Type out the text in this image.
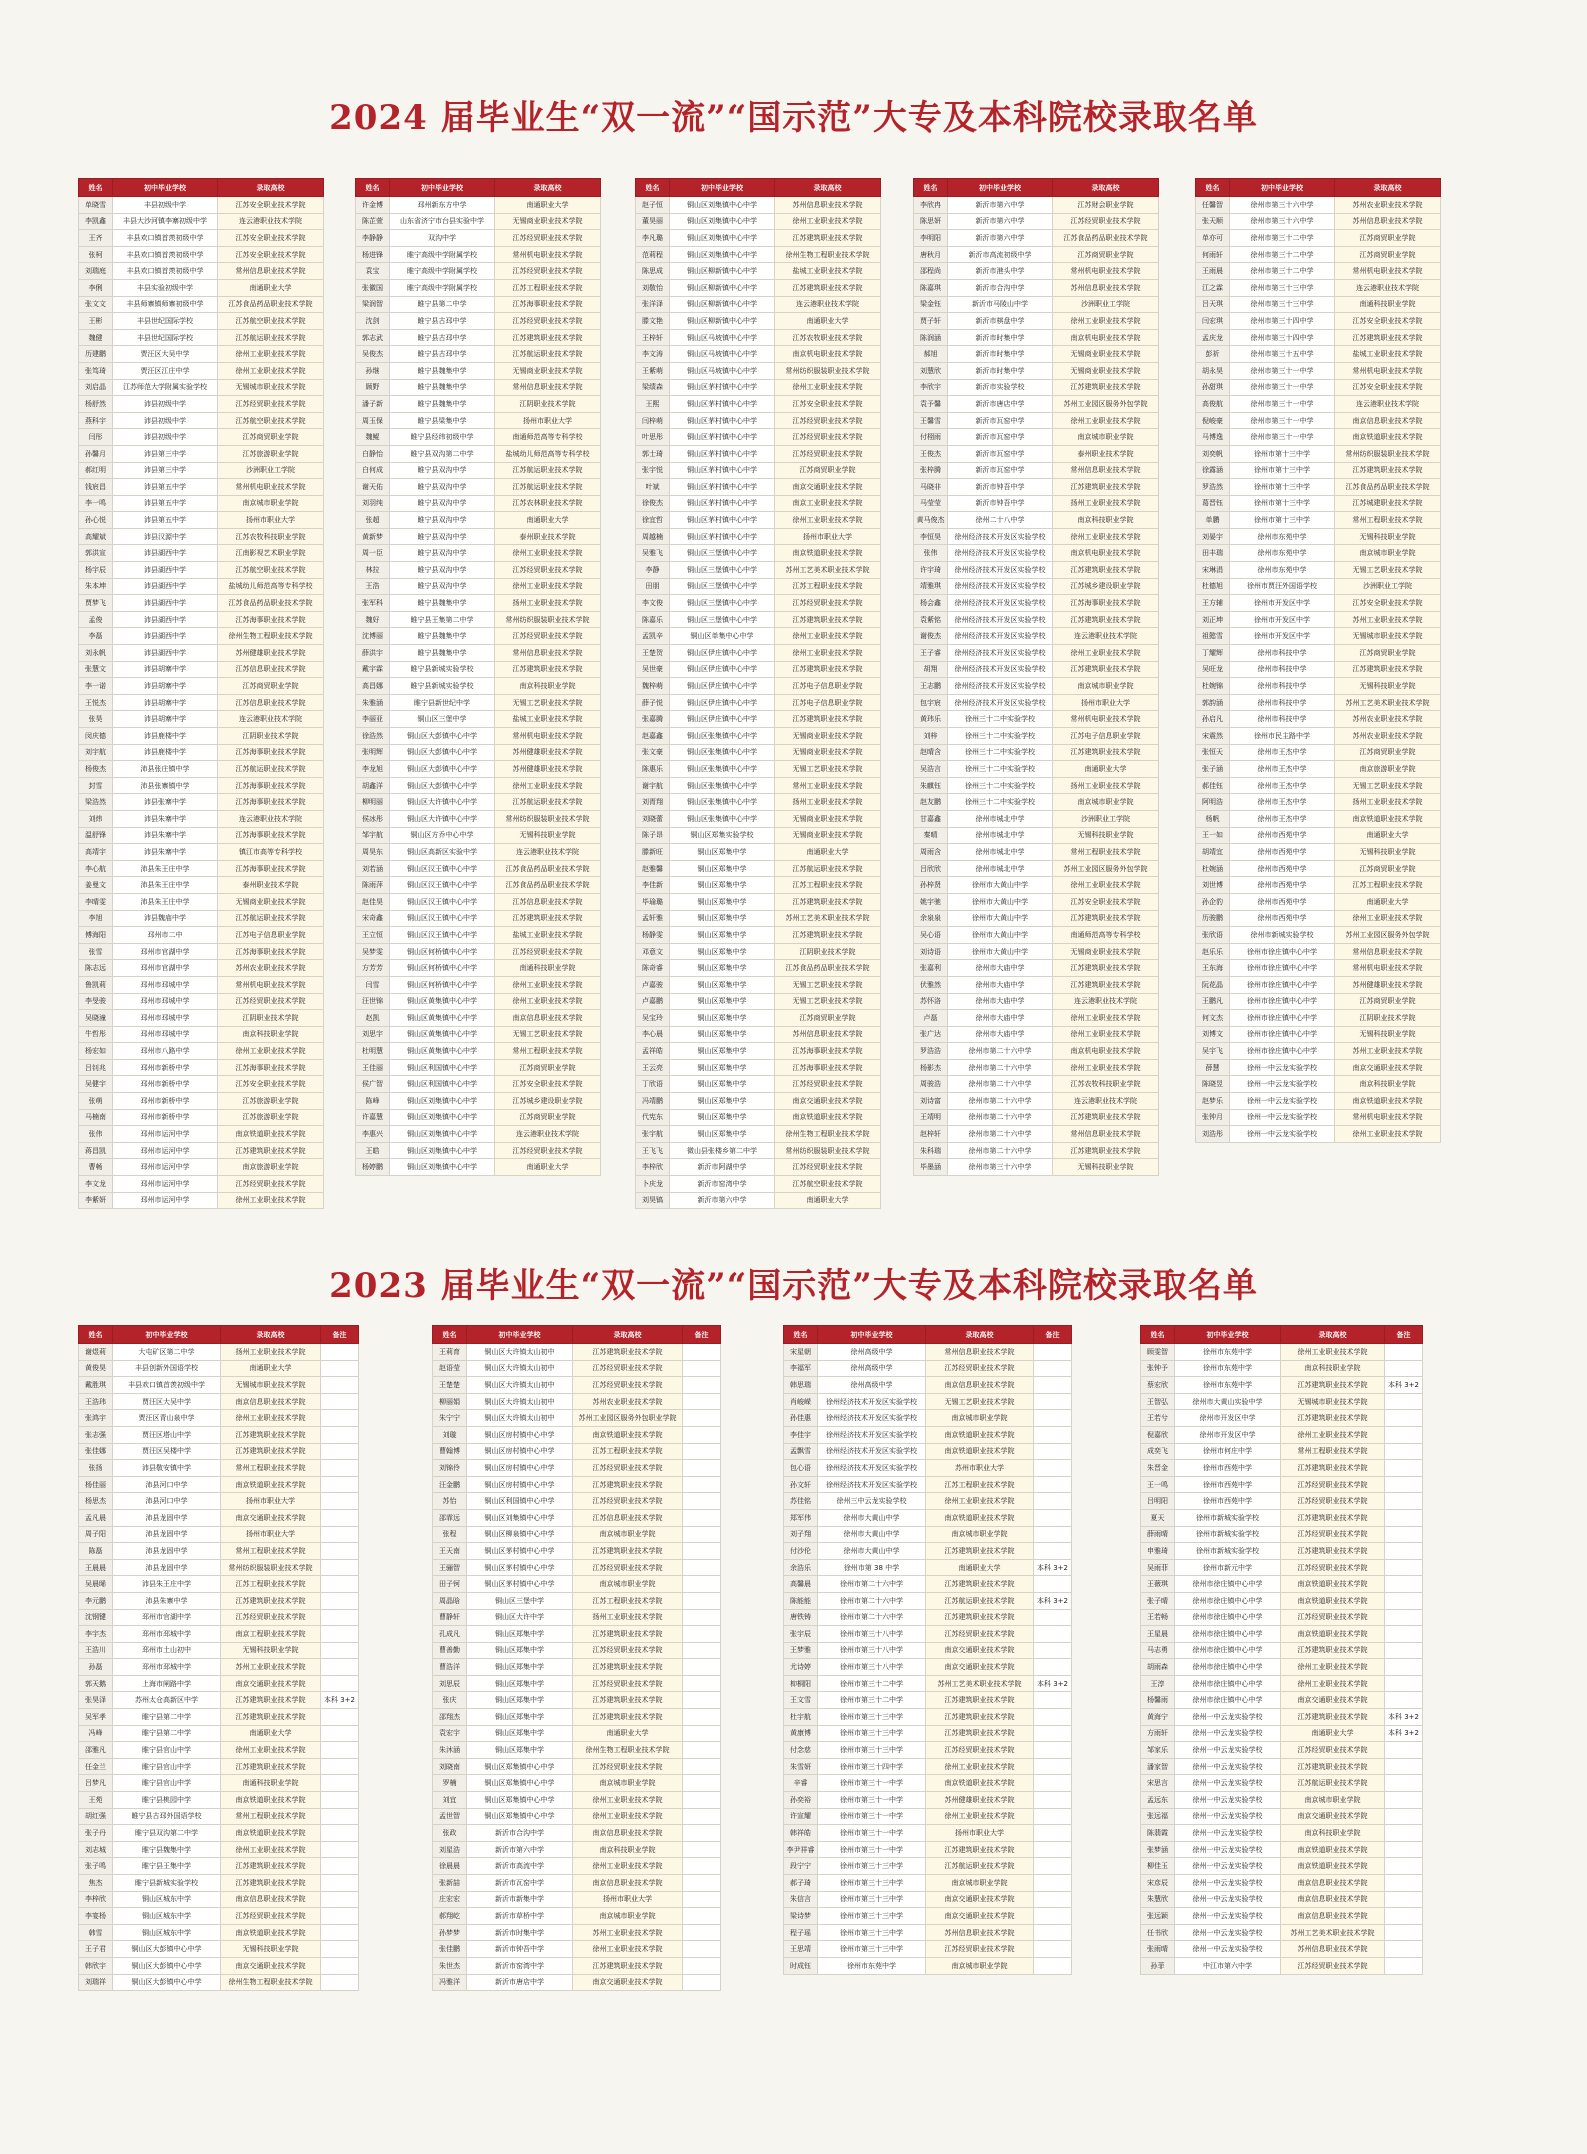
2024 届毕业生“双一流”“国示范”大专及本科院校录取名单
姓名	初中毕业学校	录取高校
单晓雪	丰县初级中学	江苏安全职业技术学院
李凯鑫	丰县大沙河镇李寨初级中学	连云港职业技术学院
王齐	丰县欢口镇首羡初级中学	江苏安全职业技术学院
张柯	丰县欢口镇首羡初级中学	江苏安全职业技术学院
刘瑞庭	丰县欢口镇首羡初级中学	常州信息职业技术学院
李俐	丰县实验初级中学	南通职业大学
张文文	丰县师寨镇师寨初级中学	江苏食品药品职业技术学院
王彬	丰县世纪国际学校	江苏航空职业技术学院
魏健	丰县世纪国际学校	江苏航运职业技术学院
历建鹏	贾汪区大吴中学	徐州工业职业技术学院
张笃琦	贾汪区江庄中学	徐州工业职业技术学院
刘启晶	江苏师范大学附属实验学校	无锡城市职业技术学院
杨舒然	沛县初级中学	江苏经贸职业技术学院
燕科宇	沛县初级中学	江苏航空职业技术学院
闫彤	沛县初级中学	江苏商贸职业学院
孙馨月	沛县第三中学	江苏旅游职业学院
郝红明	沛县第三中学	沙洲职业工学院
钱宸昌	沛县第五中学	常州机电职业技术学院
李一鸣	沛县第五中学	南京城市职业学院
孙心悦	沛县第五中学	扬州市职业大学
高耀斌	沛县汉源中学	江苏农牧科技职业学院
郭洪宣	沛县湖西中学	江南影视艺术职业学院
杨宇辰	沛县湖西中学	江苏航空职业技术学院
朱本坤	沛县湖西中学	盐城幼儿师范高等专科学校
贾梦飞	沛县湖西中学	江苏食品药品职业技术学院
孟俊	沛县湖西中学	江苏海事职业技术学院
李磊	沛县湖西中学	徐州生物工程职业技术学院
刘永帆	沛县湖西中学	苏州健雄职业技术学院
张慧文	沛县胡寨中学	江苏信息职业技术学院
李一诺	沛县胡寨中学	江苏商贸职业学院
王悦杰	沛县胡寨中学	江苏信息职业技术学院
张昊	沛县胡寨中学	连云港职业技术学院
闵庆德	沛县鹿楼中学	江阴职业技术学院
刘宇航	沛县鹿楼中学	江苏海事职业技术学院
杨俊杰	沛县张庄镇中学	江苏航运职业技术学院
封雪	沛县张寨镇中学	江苏海事职业技术学院
梁浩然	沛县张寨中学	江苏海事职业技术学院
刘炜	沛县朱寨中学	连云港职业技术学院
温舒锋	沛县朱寨中学	江苏海事职业技术学院
高靖宇	沛县朱寨中学	镇江市高等专科学校
李心航	沛县朱王庄中学	江苏海事职业技术学院
姜曼文	沛县朱王庄中学	泰州职业技术学院
李晴雯	沛县朱王庄中学	无锡商业职业技术学院
李旭	沛县魏庙中学	江苏航运职业技术学院
傅海阳	邳州市二中	江苏电子信息职业学院
张雪	邳州市官湖中学	江苏海事职业技术学院
陈志远	邳州市官湖中学	苏州农业职业技术学院
鲁凯莉	邳州市邳城中学	常州机电职业技术学院
李旻骏	邳州市邳城中学	江苏经贸职业技术学院
吴晓潼	邳州市邳城中学	江阴职业技术学院
牛哲彤	邳州市邳城中学	南京科技职业学院
杨宏如	邳州市八路中学	徐州工业职业技术学院
吕钊兆	邳州市新桥中学	江苏海事职业技术学院
吴健宇	邳州市新桥中学	江苏安全职业技术学院
张萌	邳州市新桥中学	江苏旅游职业学院
马楠南	邳州市新桥中学	江苏旅游职业学院
张伟	邳州市运河中学	南京铁道职业技术学院
蒋昌凯	邳州市运河中学	江苏建筑职业技术学院
曹畅	邳州市运河中学	南京旅游职业学院
李文龙	邳州市运河中学	江苏经贸职业技术学院
李紫妍	邳州市运河中学	徐州工业职业技术学院
姓名	初中毕业学校	录取高校
许金博	邳州新东方中学	南通职业大学
陈芷萱	山东省济宁市台县实验中学	无锡商业职业技术学院
李静静	双沟中学	江苏经贸职业技术学院
杨进锋	睢宁高级中学附属学校	常州机电职业技术学院
袁宝	睢宁高级中学附属学校	江苏经贸职业技术学院
张徽国	睢宁高级中学附属学校	江苏工程职业技术学院
梁润智	睢宁县第二中学	江苏海事职业技术学院
沈剑	睢宁县古邳中学	江苏经贸职业技术学院
郭志武	睢宁县古邳中学	江苏建筑职业技术学院
吴俊杰	睢宁县古邳中学	江苏航运职业技术学院
孙继	睢宁县魏集中学	无锡商业职业技术学院
顾野	睢宁县魏集中学	常州信息职业技术学院
潘子新	睢宁县魏集中学	江阴职业技术学院
周玉保	睢宁县梁集中学	扬州市职业大学
魏鲲	睢宁县经纬初级中学	南通师范高等专科学校
白静怡	睢宁县双沟第二中学	盐城幼儿师范高等专科学校
白何成	睢宁县双沟中学	江苏航运职业技术学院
谢天佑	睢宁县双沟中学	江苏航运职业技术学院
刘羽纯	睢宁县双沟中学	江苏农林职业技术学院
张超	睢宁县双沟中学	南通职业大学
黄新梦	睢宁县双沟中学	泰州职业技术学院
周一臣	睢宁县双沟中学	徐州工业职业技术学院
林拉	睢宁县双沟中学	江苏经贸职业技术学院
王浩	睢宁县双沟中学	徐州工业职业技术学院
张军科	睢宁县魏集中学	扬州工业职业技术学院
魏好	睢宁县王集第二中学	常州纺织服装职业技术学院
沈博丽	睢宁县魏集中学	江苏经贸职业技术学院
薛洪宇	睢宁县魏集中学	常州信息职业技术学院
戴宇霖	睢宁县新城实验学校	江苏建筑职业技术学院
高昌娜	睢宁县新城实验学校	南京科技职业学院
朱雅涵	睢宁县新世纪中学	无锡工艺职业技术学院
李丽亚	铜山区三堡中学	盐城工业职业技术学院
徐浩然	铜山区大彭镇中心中学	常州机电职业技术学院
张明辉	铜山区大彭镇中心中学	苏州健雄职业技术学院
李龙旭	铜山区大彭镇中心中学	苏州健雄职业技术学院
胡鑫洋	铜山区大彭镇中心中学	徐州工业职业技术学院
柳明丽	铜山区大许镇中心中学	江苏航运职业技术学院
侯冰彤	铜山区大许镇中心中学	常州纺织服装职业技术学院
邹宇航	铜山区方乔中心中学	无锡科技职业学院
周昊东	铜山区高新区实验中学	连云港职业技术学院
刘若涵	铜山区汉王镇中心中学	江苏食品药品职业技术学院
陈雨萍	铜山区汉王镇中心中学	江苏食品药品职业技术学院
赵佳昊	铜山区汉王镇中心中学	江苏信息职业技术学院
宋奇鑫	铜山区汉王镇中心中学	江苏建筑职业技术学院
王立恒	铜山区汉王镇中心中学	盐城工业职业技术学院
吴梦雯	铜山区何桥镇中心中学	江苏经贸职业技术学院
方芳芳	铜山区何桥镇中心中学	南通科技职业学院
闫雪	铜山区何桥镇中心中学	徐州工业职业技术学院
汪世锦	铜山区黄集镇中心中学	徐州工业职业技术学院
赵凯	铜山区黄集镇中心中学	南京信息职业技术学院
刘思宇	铜山区黄集镇中心中学	无锡工艺职业技术学院
杜明慧	铜山区黄集镇中心中学	常州工程职业技术学院
王佳丽	铜山区利国镇中心中学	江苏商贸职业学院
侯广智	铜山区利国镇中心中学	江苏安全职业技术学院
陈峰	铜山区刘集镇中心中学	江苏城乡建设职业学院
许嘉慧	铜山区刘集镇中心中学	江苏商贸职业学院
李惠兴	铜山区刘集镇中心中学	连云港职业技术学院
王皓	铜山区刘集镇中心中学	江苏经贸职业技术学院
杨婷鹏	铜山区刘集镇中心中学	南通职业大学
姓名	初中毕业学校	录取高校
赵子恒	铜山区刘集镇中心中学	苏州信息职业技术学院
董昊丽	铜山区刘集镇中心中学	徐州工业职业技术学院
李凡璐	铜山区刘集镇中心中学	江苏建筑职业技术学院
范莉程	铜山区刘集镇中心中学	徐州生物工程职业技术学院
陈思成	铜山区柳新镇中心中学	盐城工业职业技术学院
刘敬怡	铜山区柳新镇中心中学	江苏建筑职业技术学院
张洋泽	铜山区柳新镇中心中学	连云港职业技术学院
滕文艳	铜山区柳新镇中心中学	南通职业大学
王梓轩	铜山区马坡镇中心中学	江苏农牧职业技术学院
李文涛	铜山区马坡镇中心中学	南京机电职业技术学院
王紫萌	铜山区马坡镇中心中学	常州纺织服装职业技术学院
梁绩森	铜山区茅村镇中心中学	徐州工业职业技术学院
王熙	铜山区茅村镇中心中学	江苏安全职业技术学院
闫梓萌	铜山区茅村镇中心中学	江苏经贸职业技术学院
叶思彤	铜山区茅村镇中心中学	江苏经贸职业技术学院
郭士琦	铜山区茅村镇中心中学	江苏经贸职业技术学院
张宇悦	铜山区茅村镇中心中学	江苏商贸职业学院
叶斌	铜山区茅村镇中心中学	南京交通职业技术学院
徐俊杰	铜山区茅村镇中心中学	南京工业职业技术学院
徐宜哲	铜山区茅村镇中心中学	徐州工业职业技术学院
周越楠	铜山区茅村镇中心中学	扬州市职业大学
吴雅飞	铜山区三堡镇中心中学	南京铁道职业技术学院
李静	铜山区三堡镇中心中学	苏州工艺美术职业技术学院
田朋	铜山区三堡镇中心中学	江苏工程职业技术学院
李文俊	铜山区三堡镇中心中学	江苏经贸职业技术学院
陈嘉乐	铜山区三堡镇中心中学	江苏建筑职业技术学院
孟凯辛	铜山区单集中心中学	徐州工业职业技术学院
王楚贺	铜山区伊庄镇中心中学	徐州工业职业技术学院
吴世豪	铜山区伊庄镇中心中学	江苏建筑职业技术学院
魏梓萌	铜山区伊庄镇中心中学	江苏电子信息职业学院
薛子悦	铜山区伊庄镇中心中学	江苏电子信息职业学院
张嘉腾	铜山区伊庄镇中心中学	江苏建筑职业技术学院
赵嘉鑫	铜山区张集镇中心中学	无锡商业职业技术学院
张文豪	铜山区张集镇中心中学	无锡商业职业技术学院
陈惠乐	铜山区张集镇中心中学	无锡工艺职业技术学院
谢宇航	铜山区张集镇中心中学	常州工业职业技术学院
刘胥翔	铜山区张集镇中心中学	扬州工业职业技术学院
刘晓蕾	铜山区张集镇中心中学	无锡商业职业技术学院
陈子昂	铜山区郑集实验学校	无锡商业职业技术学院
滕新旺	铜山区郑集中学	南通职业大学
赵雅馨	铜山区郑集中学	江苏航运职业技术学院
李佳新	铜山区郑集中学	江苏工程职业技术学院
毕瑜璐	铜山区郑集中学	江苏建筑职业技术学院
孟轩雅	铜山区郑集中学	苏州工艺美术职业技术学院
杨静雯	铜山区郑集中学	江苏建筑职业技术学院
邓意文	铜山区郑集中学	江阴职业技术学院
陈奇睿	铜山区郑集中学	江苏食品药品职业技术学院
卢嘉骏	铜山区郑集中学	无锡工艺职业技术学院
卢嘉鹏	铜山区郑集中学	无锡工艺职业技术学院
吴宝玲	铜山区郑集中学	江苏商贸职业学院
李心晨	铜山区郑集中学	苏州信息职业技术学院
孟祥皓	铜山区郑集中学	江苏海事职业技术学院
王云亮	铜山区郑集中学	江苏海事职业技术学院
丁欣语	铜山区郑集中学	江苏经贸职业技术学院
冯靖鹏	铜山区郑集中学	南京交通职业技术学院
代宪东	铜山区郑集中学	南京铁道职业技术学院
张宇航	铜山区郑集中学	徐州生物工程职业技术学院
王飞飞	微山县张楼乡第二中学	常州纺织服装职业技术学院
李梓欣	新沂市阿湖中学	江苏经贸职业技术学院
卜庆龙	新沂市窑湾中学	江苏航空职业技术学院
刘昊镐	新沂市第六中学	南通职业大学
姓名	初中毕业学校	录取高校
李欣冉	新沂市第六中学	江苏财会职业学院
陈思妍	新沂市第六中学	江苏经贸职业技术学院
李明阳	新沂市第六中学	江苏食品药品职业技术学院
唐秋月	新沂市高流初级中学	江苏商贸职业学院
邵程尚	新沂市港头中学	常州机电职业技术学院
陈嘉琪	新沂市合沟中学	苏州信息职业技术学院
梁金钰	新沂市马陵山中学	沙洲职业工学院
贾子轩	新沂市棋盘中学	徐州工业职业技术学院
陈润涵	新沂市时集中学	南京机电职业技术学院
郝旭	新沂市时集中学	无锡商业职业技术学院
刘慧欣	新沂市时集中学	无锡商业职业技术学院
李欣宇	新沂市实验学校	江苏建筑职业技术学院
袁予馨	新沂市唐店中学	苏州工业园区服务外包学院
王馨雪	新沂市瓦窑中学	徐州工业职业技术学院
付栩雨	新沂市瓦窑中学	南京城市职业学院
王俊杰	新沂市瓦窑中学	泰州职业技术学院
张梓腾	新沂市瓦窑中学	常州信息职业技术学院
马晓非	新沂市钟吾中学	江苏建筑职业技术学院
马莹莹	新沂市钟吾中学	扬州工业职业技术学院
黄马俊杰	徐州二十八中学	南京科技职业学院
李恒昊	徐州经济技术开发区实验学校	徐州工业职业技术学院
张伟	徐州经济技术开发区实验学校	南京机电职业技术学院
许宇琦	徐州经济技术开发区实验学校	江苏建筑职业技术学院
靖雅琪	徐州经济技术开发区实验学校	江苏城乡建设职业学院
杨会鑫	徐州经济技术开发区实验学校	江苏海事职业技术学院
袁紫铭	徐州经济技术开发区实验学校	江苏建筑职业技术学院
谢俊杰	徐州经济技术开发区实验学校	连云港职业技术学院
王子睿	徐州经济技术开发区实验学校	徐州工业职业技术学院
胡翔	徐州经济技术开发区实验学校	江苏建筑职业技术学院
王志鹏	徐州经济技术开发区实验学校	南京城市职业学院
包宇宸	徐州经济技术开发区实验学校	扬州市职业大学
黄玮乐	徐州三十二中实验学校	常州机电职业技术学院
刘梓	徐州三十二中实验学校	江苏电子信息职业学院
赵晴含	徐州三十二中实验学校	江苏建筑职业技术学院
吴浩言	徐州三十二中实验学校	南通职业大学
朱麒钰	徐州三十二中实验学校	扬州工业职业技术学院
赵友鹏	徐州三十二中实验学校	南京城市职业学院
甘嘉鑫	徐州市城北中学	沙洲职业工学院
秦晴	徐州市城北中学	无锡科技职业学院
周雨含	徐州市城北中学	常州工程职业技术学院
吕欣欣	徐州市城北中学	苏州工业园区服务外包学院
孙梓贤	徐州市大黄山中学	徐州工业职业技术学院
姚宇驰	徐州市大黄山中学	江苏安全职业技术学院
余泉泉	徐州市大黄山中学	江苏建筑职业技术学院
吴心语	徐州市大黄山中学	南通师范高等专科学校
刘诗语	徐州市大黄山中学	无锡商业职业技术学院
张嘉利	徐州市大庙中学	江苏建筑职业技术学院
伏雅然	徐州市大庙中学	江苏建筑职业技术学院
苏怀洛	徐州市大庙中学	连云港职业技术学院
卢磊	徐州市大庙中学	徐州工业职业技术学院
张广达	徐州市大庙中学	徐州工业职业技术学院
罗浩浩	徐州市第二十六中学	南京机电职业技术学院
杨影杰	徐州市第二十六中学	徐州工业职业技术学院
周骏浩	徐州市第二十六中学	江苏农牧科技职业学院
刘诗富	徐州市第二十六中学	连云港职业技术学院
王靖明	徐州市第二十六中学	江苏建筑职业技术学院
赵梓轩	徐州市第二十六中学	常州信息职业技术学院
朱科瑞	徐州市第二十六中学	江苏建筑职业技术学院
毕墨涵	徐州市第三十六中学	无锡科技职业学院
姓名	初中毕业学校	录取高校
任馨智	徐州市第三十六中学	苏州农业职业技术学院
张天顺	徐州市第三十六中学	苏州信息职业技术学院
单亦可	徐州市第三十二中学	江苏商贸职业学院
何雨轩	徐州市第三十二中学	江苏商贸职业学院
王雨晨	徐州市第三十二中学	常州机电职业技术学院
江之霖	徐州市第三十三中学	连云港职业技术学院
吕天琪	徐州市第三十三中学	南通科技职业学院
闫宏琪	徐州市第三十四中学	江苏安全职业技术学院
孟庆龙	徐州市第三十四中学	江苏建筑职业技术学院
彭祈	徐州市第三十五中学	盐城工业职业技术学院
胡永昊	徐州市第三十一中学	常州机电职业技术学院
孙甜琪	徐州市第三十一中学	江苏安全职业技术学院
高俊航	徐州市第三十一中学	连云港职业技术学院
倪峻豪	徐州市第三十一中学	南京信息职业技术学院
马博逸	徐州市第三十一中学	南京铁道职业技术学院
刘奕帆	徐州市第十三中学	常州纺织服装职业技术学院
徐露涵	徐州市第十三中学	江苏建筑职业技术学院
罗浩然	徐州市第十三中学	江苏食品药品职业技术学院
葛晋钰	徐州市第十三中学	江苏城建职业技术学院
单鹏	徐州市第十三中学	常州工程职业技术学院
刘晏宇	徐州市东苑中学	无锡科技职业学院
田丰瑞	徐州市东苑中学	南京城市职业学院
宋琳涓	徐州市东苑中学	无锡工艺职业技术学院
杜德旭	徐州市贾汪外国语学校	沙洲职业工学院
王方辅	徐州市开发区中学	江苏安全职业技术学院
刘正坤	徐州市开发区中学	苏州工业职业技术学院
祖懿雪	徐州市开发区中学	无锡城市职业技术学院
丁耀辉	徐州市科技中学	江苏商贸职业学院
吴旺龙	徐州市科技中学	江苏建筑职业技术学院
杜婉锦	徐州市科技中学	无锡科技职业学院
郭韵涵	徐州市科技中学	苏州工艺美术职业技术学院
孙启凡	徐州市科技中学	苏州农业职业技术学院
宋震然	徐州市民主路中学	苏州农业职业技术学院
张恒天	徐州市王杰中学	江苏商贸职业学院
张子涵	徐州市王杰中学	南京旅游职业学院
郝佳钰	徐州市王杰中学	无锡工艺职业技术学院
阿明浩	徐州市王杰中学	扬州工业职业技术学院
杨帆	徐州市王杰中学	南京铁道职业技术学院
王一如	徐州市西苑中学	南通职业大学
胡靖宜	徐州市西苑中学	无锡科技职业学院
杜婉涵	徐州市西苑中学	江苏商贸职业学院
刘世博	徐州市西苑中学	江苏工程职业技术学院
孙企豹	徐州市西苑中学	南通职业大学
历骏鹏	徐州市西苑中学	徐州工业职业技术学院
张欣语	徐州市新城实验学校	苏州工业园区服务外包学院
赵乐乐	徐州市徐庄镇中心中学	常州信息职业技术学院
王东海	徐州市徐庄镇中心中学	常州机电职业技术学院
阮花晶	徐州市徐庄镇中心中学	苏州健雄职业技术学院
王鹏凡	徐州市徐庄镇中心中学	江苏商贸职业学院
何文杰	徐州市徐庄镇中心中学	江阴职业技术学院
刘博文	徐州市徐庄镇中心中学	无锡科技职业学院
吴宇飞	徐州市徐庄镇中心中学	苏州工业职业技术学院
薛慧	徐州一中云龙实验学校	南京交通职业技术学院
陈晓昱	徐州一中云龙实验学校	南京科技职业学院
赵梦乐	徐州一中云龙实验学校	南京铁道职业技术学院
张钟月	徐州一中云龙实验学校	常州机电职业技术学院
刘浩彤	徐州一中云龙实验学校	徐州工业职业技术学院
2023 届毕业生“双一流”“国示范”大专及本科院校录取名单
姓名	初中毕业学校	录取高校	备注
谢煜莉	大屯矿区第二中学	扬州工业职业技术学院	
黄俊昊	丰县创新外国语学校	南通职业大学	
戴胜琪	丰县欢口镇首羡初级中学	无锡城市职业技术学院	
王浩玮	贾汪区大吴中学	南京信息职业技术学院	
张鸿宇	贾汪区青山泉中学	徐州工业职业技术学院	
张志强	贾汪区塔山中学	江苏建筑职业技术学院	
张佳娜	贾汪区吴楼中学	江苏建筑职业技术学院	
张扬	沛县敬安镇中学	常州工程职业技术学院	
杨佳丽	沛县河口中学	南京铁道职业技术学院	
杨思杰	沛县河口中学	扬州市职业大学	
孟凡晨	沛县龙固中学	南京交通职业技术学院	
周子阳	沛县龙固中学	扬州市职业大学	
陈磊	沛县龙固中学	常州工程职业技术学院	
王晨晨	沛县龙固中学	常州纺织服装职业技术学院	
吴晨晞	沛县朱王庄中学	江苏工程职业技术学院	
李元鹏	沛县朱寨中学	江苏建筑职业技术学院	
沈钢键	邳州市官湖中学	江苏经贸职业技术学院	
李宇杰	邳州市邳城中学	南京工程职业技术学院	
王浩川	邳州市土山初中	无锡科技职业学院	
孙磊	邳州市邳城中学	苏州工业职业技术学院	
郭天鹅	上海市闸路中学	南京交通职业技术学院	
张昊泽	苏州太仓高新区中学	江苏建筑职业技术学院	本科 3+2
吴军孝	睢宁县第二中学	江苏建筑职业技术学院	
冯峰	睢宁县第二中学	南通职业大学	
邵雅凡	睢宁县官山中学	徐州工业职业技术学院	
任金兰	睢宁县官山中学	江苏建筑职业技术学院	
吕梦凡	睢宁县官山中学	南通科技职业学院	
王苑	睢宁县桃园中学	南京铁道职业技术学院	
胡红强	睢宁县古邳外国语学校	常州工程职业技术学院	
张子丹	睢宁县双沟第二中学	南京铁道职业技术学院	
刘志城	睢宁县魏集中学	徐州工业职业技术学院	
张子鸣	睢宁县王集中学	江苏建筑职业技术学院	
焦杰	睢宁县新城实验学校	江苏建筑职业技术学院	
李梓欣	铜山区城东中学	南京信息职业技术学院	
李宴杨	铜山区城东中学	江苏经贸职业技术学院	
韩雪	铜山区城东中学	南京铁道职业技术学院	
王子君	铜山区大彭镇中心中学	无锡科技职业学院	
韩欣宇	铜山区大彭镇中心中学	南京交通职业技术学院	
刘瑞祥	铜山区大彭镇中心中学	徐州生物工程职业技术学院	
姓名	初中毕业学校	录取高校	备注
王莉育	铜山区大许镇太山初中	江苏建筑职业技术学院	
赵语莹	铜山区大许镇太山初中	江苏经贸职业技术学院	
王楚楚	铜山区大许镇太山初中	江苏经贸职业技术学院	
柳丽娟	铜山区大许镇太山初中	苏州农业职业技术学院	
朱宁宁	铜山区大许镇太山初中	苏州工业园区服务外包职业学院	
刘璇	铜山区房村镇中心中学	南京铁道职业技术学院	
曹翰博	铜山区房村镇中心中学	江苏工程职业技术学院	
刘锦伶	铜山区房村镇中心中学	江苏经贸职业技术学院	
汪金鹏	铜山区房村镇中心中学	江苏建筑职业技术学院	
苏怡	铜山区利国镇中心中学	江苏经贸职业技术学院	
邵霏远	铜山区刘集镇中心中学	江苏信息职业技术学院	
张程	铜山区柳泉镇中心中学	南京城市职业学院	
王天南	铜山区茅村镇中心中学	江苏建筑职业技术学院	
王骊智	铜山区茅村镇中心中学	江苏经贸职业技术学院	
田子钶	铜山区茅村镇中心中学	南京城市职业学院	
周晶晗	铜山区三堡中学	江苏工程职业技术学院	
曹静轩	铜山区大许中学	扬州工业职业技术学院	
孔成凡	铜山区郑集中学	江苏建筑职业技术学院	
曹善勤	铜山区郑集中学	江苏经贸职业技术学院	
曹浩洋	铜山区郑集中学	江苏建筑职业技术学院	
刘思辰	铜山区郑集中学	江苏经贸职业技术学院	
张庆	铜山区郑集中学	江苏建筑职业技术学院	
邵翔杰	铜山区郑集中学	江苏建筑职业技术学院	
袁宏宇	铜山区郑集中学	南通职业大学	
朱沐涵	铜山区郑集中学	徐州生物工程职业技术学院	
刘晓南	铜山区郑集镇中心中学	江苏经贸职业技术学院	
罗楠	铜山区郑集镇中心中学	南京城市职业学院	
刘宜	铜山区郑集镇中心中学	徐州工业职业技术学院	
孟世智	铜山区郑集镇中心中学	徐州工业职业技术学院	
张政	新沂市合沟中学	南京信息职业技术学院	
刘星浩	新沂市第六中学	南京科技职业学院	
徐晨晨	新沂市高流中学	徐州工业职业技术学院	
张新喆	新沂市瓦窑中学	南京信息职业技术学院	
庄宏宏	新沂市新集中学	扬州市职业大学	
郝翔屹	新沂市草桥中学	南京城市职业学院	
孙梦梦	新沂市时集中学	苏州工业职业技术学院	
张佳鹏	新沂市钟吾中学	徐州工业职业技术学院	
朱世杰	新沂市窑湾中学	江苏建筑职业技术学院	
冯雅洋	新沂市唐店中学	南京交通职业技术学院	
姓名	初中毕业学校	录取高校	备注
宋星朝	徐州高级中学	常州信息职业技术学院	
李福军	徐州高级中学	江苏经贸职业技术学院	
韩思瑞	徐州高级中学	南京信息职业技术学院	
肖峻嵘	徐州经济技术开发区实验学校	无锡工艺职业技术学院	
孙佳惠	徐州经济技术开发区实验学校	南京城市职业学院	
李佳宇	徐州经济技术开发区实验学校	南京铁道职业技术学院	
孟飘雪	徐州经济技术开发区实验学校	南京铁道职业技术学院	
包心语	徐州经济技术开发区实验学校	苏州市职业大学	
孙文轩	徐州经济技术开发区实验学校	江苏工程职业技术学院	
苏佳铭	徐州三中云龙实验学校	徐州工业职业技术学院	
郑军伟	徐州市大黄山中学	南京铁道职业技术学院	
刘子翔	徐州市大黄山中学	南京城市职业学院	
付沙伦	徐州市大黄山中学	江苏建筑职业技术学院	
余浩乐	徐州市第 38 中学	南通职业大学	本科 3+2
高馨晨	徐州市第二十六中学	江苏建筑职业技术学院	
陈能能	徐州市第二十六中学	江苏航运职业技术学院	本科 3+2
唐铁铸	徐州市第二十六中学	江苏建筑职业技术学院	
张宇辰	徐州市第三十八中学	江苏经贸职业技术学院	
王梦雅	徐州市第三十八中学	南京交通职业技术学院	
尤诗婷	徐州市第三十八中学	南京交通职业技术学院	
枊桐阳	徐州市第三十二中学	苏州工艺美术职业技术学院	本科 3+2
王文雪	徐州市第三十二中学	江苏建筑职业技术学院	
杜宇航	徐州市第三十三中学	江苏建筑职业技术学院	
黄康博	徐州市第三十三中学	江苏建筑职业技术学院	
付念慈	徐州市第三十三中学	江苏经贸职业技术学院	
朱雪妍	徐州市第三十四中学	徐州工业职业技术学院	
辛睿	徐州市第三十一中学	南京铁道职业技术学院	
孙奕裕	徐州市第三十一中学	苏州健雄职业技术学院	
许宣耀	徐州市第三十一中学	徐州工业职业技术学院	
韩祥皓	徐州市第三十一中学	扬州市职业大学	
李尹祥睿	徐州市第三十一中学	江苏建筑职业技术学院	
段宁宁	徐州市第三十三中学	江苏航运职业技术学院	
郝子琦	徐州市第三十三中学	南京城市职业学院	
朱信言	徐州市第三十三中学	南京交通职业技术学院	
梁诗梦	徐州市第三十三中学	南京交通职业技术学院	
程子瑶	徐州市第三十三中学	苏州信息职业技术学院	
王思靖	徐州市第三十三中学	江苏经贸职业技术学院	
时成钰	徐州市东苑中学	南京城市职业学院	
姓名	初中毕业学校	录取高校	备注
顾雯智	徐州市东苑中学	徐州工业职业技术学院	
张钟予	徐州市东苑中学	南京科技职业学院	
蔡宏欣	徐州市东苑中学	江苏建筑职业技术学院	本科 3+2
王智弘	徐州市大黄山实验中学	无锡城市职业技术学院	
王若兮	徐州市开发区中学	江苏建筑职业技术学院	
倪嘉欣	徐州市开发区中学	徐州工业职业技术学院	
成奕飞	徐州市何庄中学	常州工程职业技术学院	
朱晋金	徐州市西苑中学	江苏建筑职业技术学院	
王一鸣	徐州市西苑中学	江苏经贸职业技术学院	
吕明阳	徐州市西苑中学	江苏经贸职业技术学院	
夏天	徐州市新城实验学校	江苏建筑职业技术学院	
薛雨晴	徐州市新城实验学校	江苏经贸职业技术学院	
申雅琦	徐州市新城实验学校	江苏建筑职业技术学院	
吴雨菲	徐州市新元中学	江苏经贸职业技术学院	
王薇琪	徐州市徐庄镇中心中学	南京铁道职业技术学院	
张子晴	徐州市徐庄镇中心中学	南京铁道职业技术学院	
王若畅	徐州市徐庄镇中心中学	江苏经贸职业技术学院	
王星晨	徐州市徐庄镇中心中学	南京铁道职业技术学院	
马志勇	徐州市徐庄镇中心中学	江苏建筑职业技术学院	
胡雨森	徐州市徐庄镇中心中学	徐州工业职业技术学院	
王淳	徐州市徐庄镇中心中学	徐州工业职业技术学院	
杨馨雨	徐州市徐庄镇中心中学	南京交通职业技术学院	
黄海宁	徐州一中云龙实验学校	江苏建筑职业技术学院	本科 3+2
方雨轩	徐州一中云龙实验学校	南通职业大学	本科 3+2
邹家乐	徐州一中云龙实验学校	江苏经贸职业技术学院	
潘家智	徐州一中云龙实验学校	江苏建筑职业技术学院	
宋思言	徐州一中云龙实验学校	江苏航运职业技术学院	
孟远东	徐州一中云龙实验学校	南京城市职业学院	
张远福	徐州一中云龙实验学校	南京交通职业技术学院	
陈翡霞	徐州一中云龙实验学校	南京科技职业学院	
张梦涵	徐州一中云龙实验学校	南京铁道职业技术学院	
柳佳玉	徐州一中云龙实验学校	南京铁道职业技术学院	
宋彦辰	徐州一中云龙实验学校	南京信息职业技术学院	
朱慧欣	徐州一中云龙实验学校	南京信息职业技术学院	
张远颖	徐州一中云龙实验学校	南京信息职业技术学院	
任书欣	徐州一中云龙实验学校	苏州工艺美术职业技术学院	
张雨晴	徐州一中云龙实验学校	苏州信息职业技术学院	
孙菲	中江市第六中学	江苏经贸职业技术学院	
